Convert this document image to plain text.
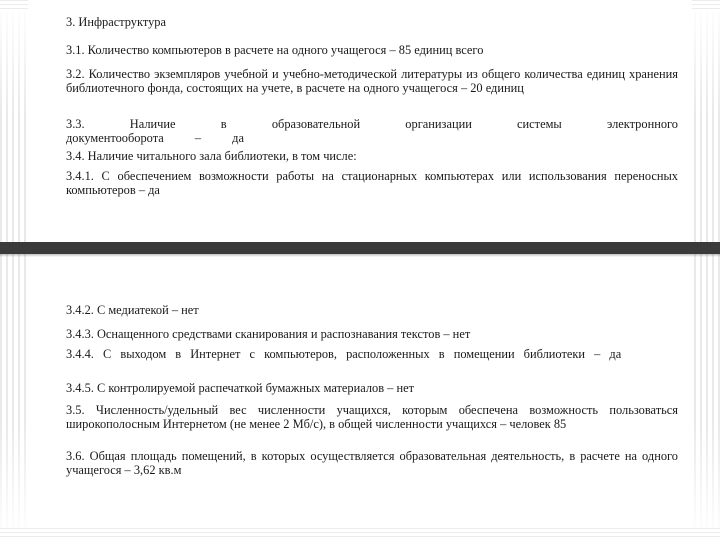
3. Инфраструктура

3.1. Количество компьютеров в расчете на одного учащегося – 85 единиц всего

3.2. Количество экземпляров учебной и учебно-методической литературы из общего количества единиц хранения библиотечного фонда, состоящих на учете, в расчете на одного учащегося – 20 единиц

3.3. Наличие в образовательной организации системы электронного документооборота – да

3.4. Наличие читального зала библиотеки, в том числе:

3.4.1. С обеспечением возможности работы на стационарных компьютерах или использования переносных компьютеров – да

3.4.2. С медиатекой – нет

3.4.3. Оснащенного средствами сканирования и распознавания текстов – нет

3.4.4. С выходом в Интернет с компьютеров, расположенных в помещении библиотеки – да

3.4.5. С контролируемой распечаткой бумажных материалов – нет

3.5. Численность/удельный вес численности учащихся, которым обеспечена возможность пользоваться широкополосным Интернетом (не менее 2 Мб/с), в общей численности учащихся – человек 85

3.6. Общая площадь помещений, в которых осуществляется образовательная деятельность, в расчете на одного учащегося – 3,62 кв.м
